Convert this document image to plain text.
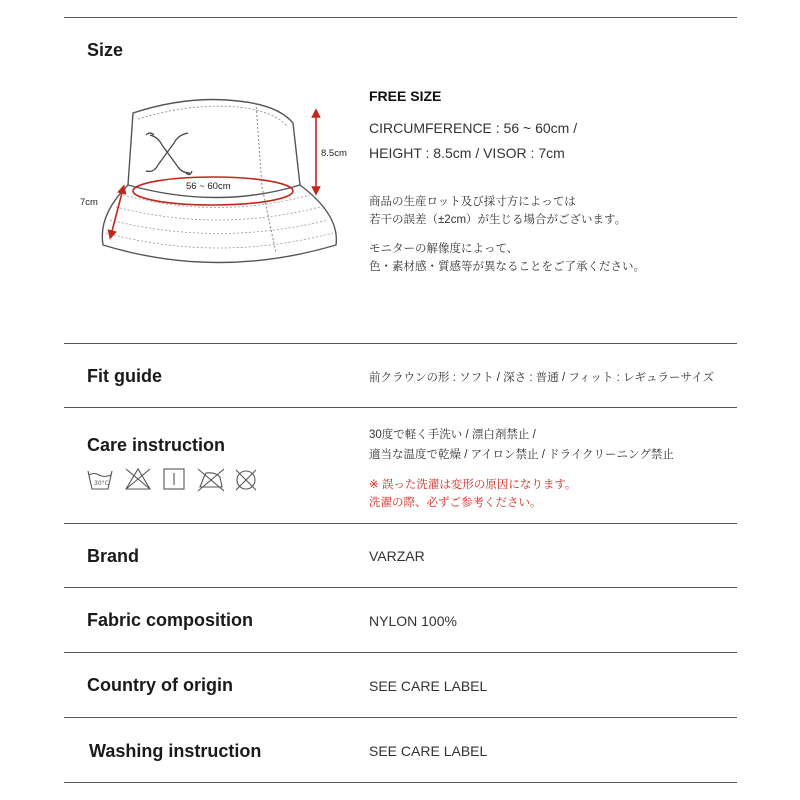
Size
56 ~ 60cm
8.5cm
7cm
FREE SIZE
CIRCUMFERENCE : 56 ~ 60cm /
HEIGHT : 8.5cm / VISOR : 7cm
商品の生産ロット及び採寸方によっては
若干の誤差（±2cm）が生じる場合がございます。
モニターの解像度によって、
色・素材感・質感等が異なることをご了承ください。
Fit guide	前クラウンの形 : ソフト / 深さ : 普通 / フィット : レギュラーサイズ
Care instruction	30度で軽く手洗い / 漂白剤禁止 /
適当な温度で乾燥 / アイロン禁止 / ドライクリーニング禁止
※ 誤った洗濯は変形の原因になります。
洗濯の際、必ずご参考ください。
30°C
Brand	VARZAR
Fabric composition	NYLON 100%
Country of origin	SEE CARE LABEL
Washing instruction	SEE CARE LABEL
